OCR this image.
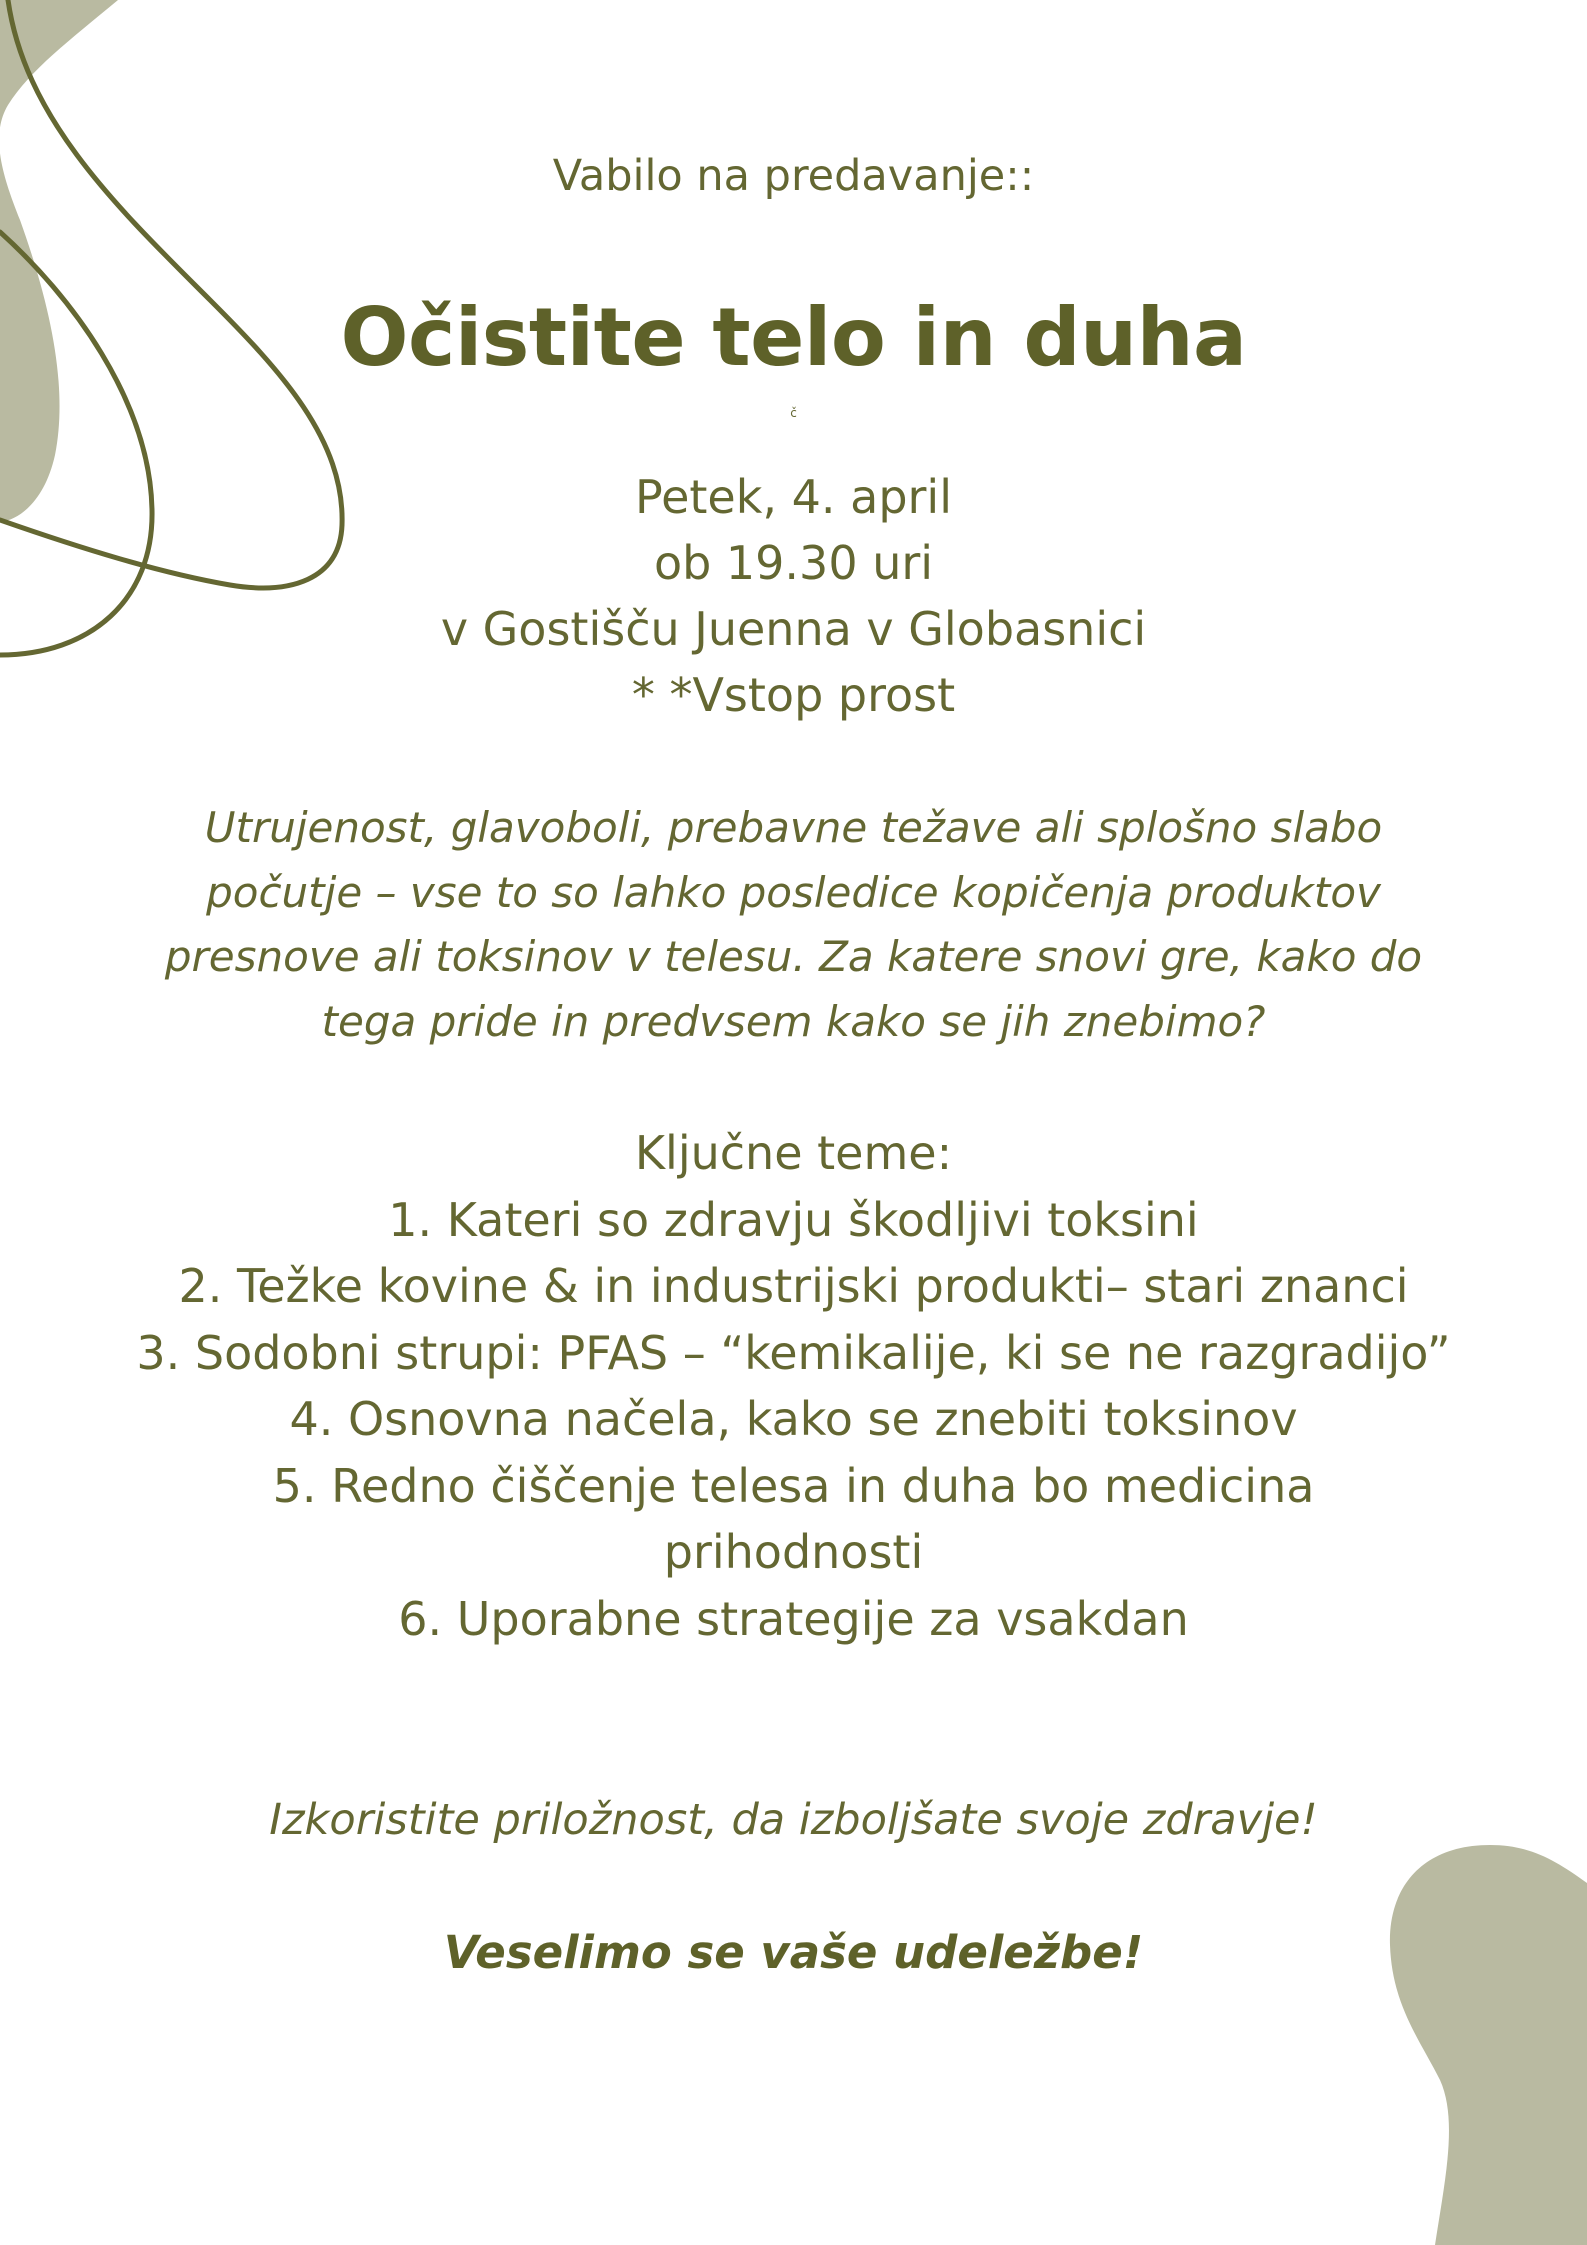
Vabilo na predavanje::

Očistite telo in duha

č

Petek, 4. april
ob 19.30 uri
v Gostišču Juenna v Globasnici
* *Vstop prost
Utrujenost, glavoboli, prebavne težave ali splošno slabo
počutje – vse to so lahko posledice kopičenja produktov
presnove ali toksinov v telesu. Za katere snovi gre, kako do
tega pride in predvsem kako se jih znebimo?
Ključne teme:
1. Kateri so zdravju škodljivi toksini
2. Težke kovine & in industrijski produkti– stari znanci
3. Sodobni strupi: PFAS – “kemikalije, ki se ne razgradijo”
4. Osnovna načela, kako se znebiti toksinov
5. Redno čiščenje telesa in duha bo medicina
prihodnosti
6. Uporabne strategije za vsakdan

Izkoristite priložnost, da izboljšate svoje zdravje!

Veselimo se vaše udeležbe!
